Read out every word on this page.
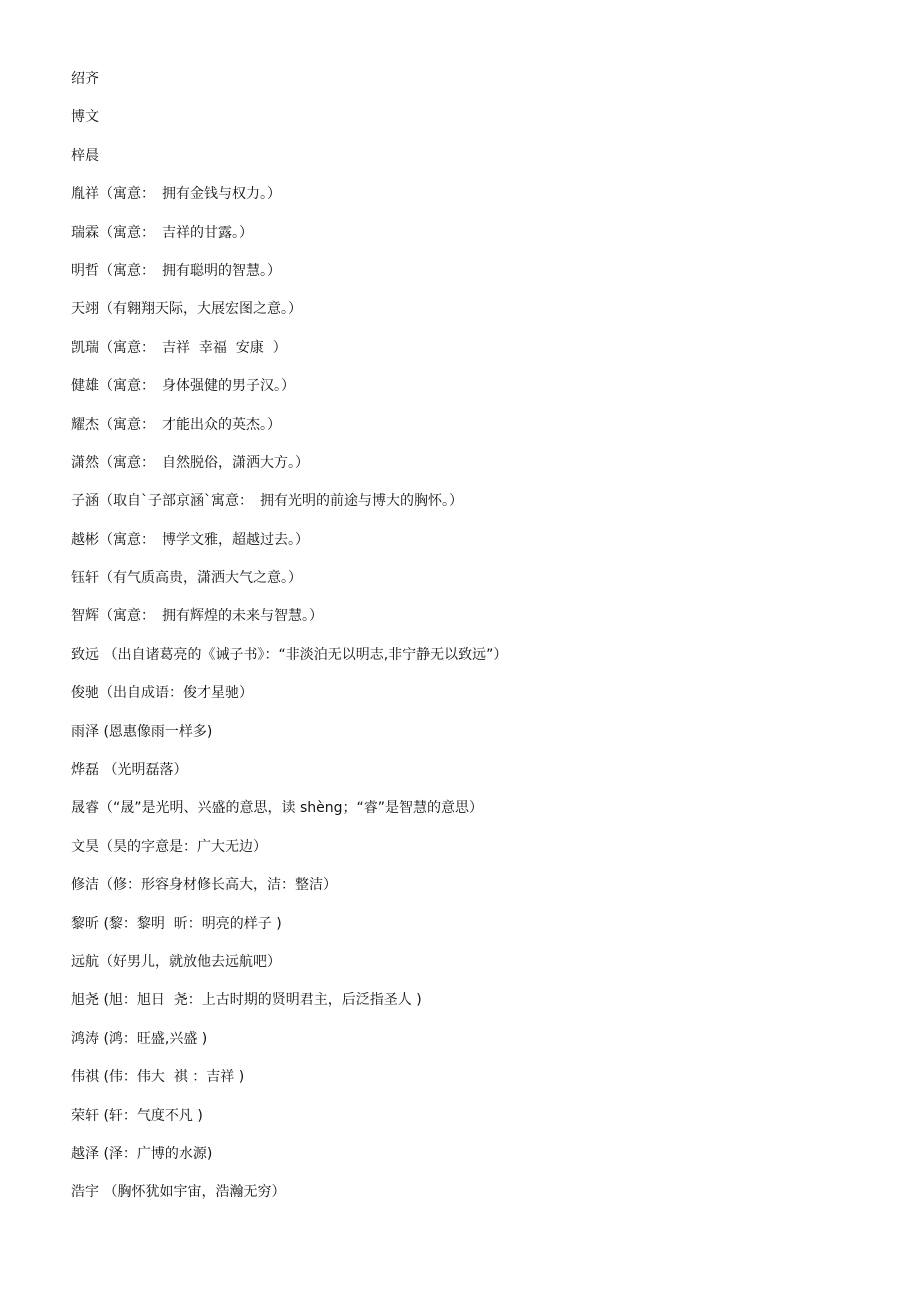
绍齐
博文
梓晨
胤祥（寓意：　拥有金钱与权力。）
瑞霖（寓意：　吉祥的甘露。）
明哲（寓意：　拥有聪明的智慧。）
天翊（有翱翔天际，大展宏图之意。）
凯瑞（寓意：　吉祥  幸福  安康  ）
健雄（寓意：　身体强健的男子汉。）
耀杰（寓意：　才能出众的英杰。）
潇然（寓意：　自然脱俗，潇洒大方。）
子涵（取自`子部京涵`寓意：　拥有光明的前途与博大的胸怀。）
越彬（寓意：　博学文雅，超越过去。）
钰轩（有气质高贵，潇洒大气之意。）
智辉（寓意：　拥有辉煌的未来与智慧。）
致远 （出自诸葛亮的《诫子书》：“非淡泊无以明志,非宁静无以致远”）
俊驰（出自成语：俊才星驰）
雨泽 (恩惠像雨一样多)
烨磊 （光明磊落）
晟睿（“晟”是光明、兴盛的意思，读 shèng；“睿”是智慧的意思）
文昊（昊的字意是：广大无边）
修洁（修：形容身材修长高大，洁：整洁）
黎昕 (黎：黎明  昕：明亮的样子 )
远航（好男儿，就放他去远航吧）
旭尧 (旭：旭日  尧：上古时期的贤明君主，后泛指圣人 )
鸿涛 (鸿：旺盛,兴盛 )
伟祺 (伟：伟大  祺 ：吉祥 )
荣轩 (轩：气度不凡 )
越泽 (泽：广博的水源)
浩宇 （胸怀犹如宇宙，浩瀚无穷）
